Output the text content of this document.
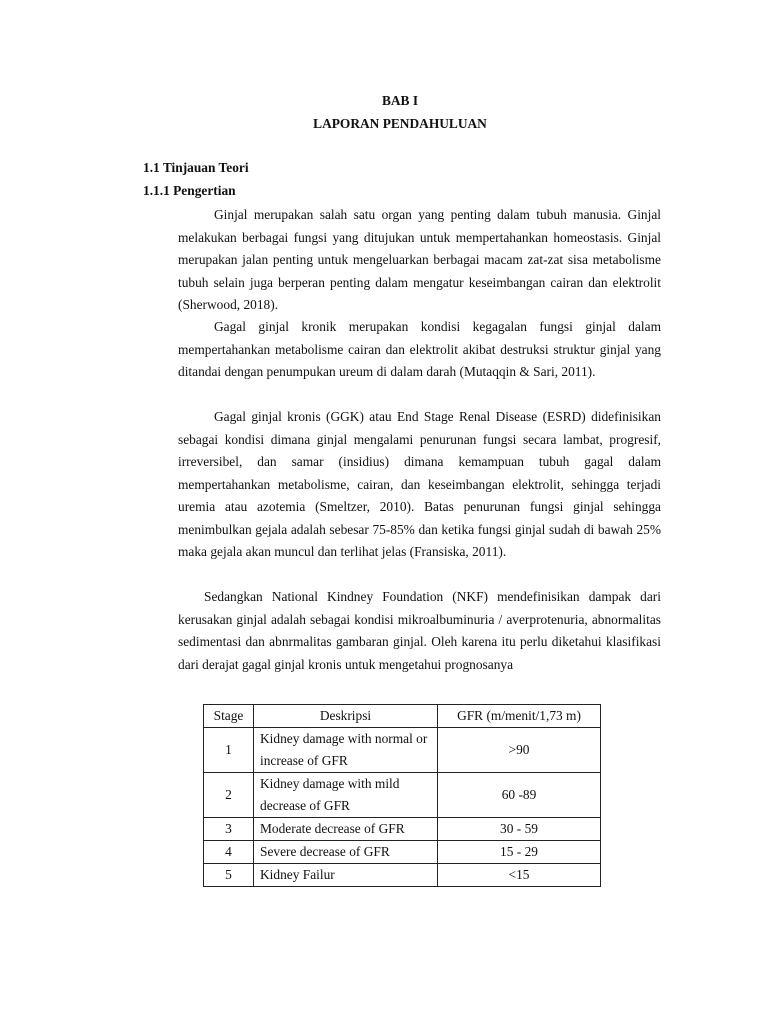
BAB I
LAPORAN PENDAHULUAN
1.1 Tinjauan Teori
1.1.1 Pengertian

Ginjal merupakan salah satu organ yang penting dalam tubuh manusia. Ginjal melakukan berbagai fungsi yang ditujukan untuk mempertahankan homeostasis. Ginjal merupakan jalan penting untuk mengeluarkan berbagai macam zat-zat sisa metabolisme tubuh selain juga berperan penting dalam mengatur keseimbangan cairan dan elektrolit (Sherwood, 2018).

Gagal ginjal kronik merupakan kondisi kegagalan fungsi ginjal dalam mempertahankan metabolisme cairan dan elektrolit akibat destruksi struktur ginjal yang ditandai dengan penumpukan ureum di dalam darah (Mutaqqin & Sari, 2011).

Gagal ginjal kronis (GGK) atau End Stage Renal Disease (ESRD) didefinisikan sebagai kondisi dimana ginjal mengalami penurunan fungsi secara lambat, progresif, irreversibel, dan samar (insidius) dimana kemampuan tubuh gagal dalam mempertahankan metabolisme, cairan, dan keseimbangan elektrolit, sehingga terjadi uremia atau azotemia (Smeltzer, 2010). Batas penurunan fungsi ginjal sehingga menimbulkan gejala adalah sebesar 75-85% dan ketika fungsi ginjal sudah di bawah 25% maka gejala akan muncul dan terlihat jelas (Fransiska, 2011).

Sedangkan National Kindney Foundation (NKF) mendefinisikan dampak dari kerusakan ginjal adalah sebagai kondisi mikroalbuminuria / averprotenuria, abnormalitas sedimentasi dan abnrmalitas gambaran ginjal. Oleh karena itu perlu diketahui klasifikasi dari derajat gagal ginjal kronis untuk mengetahui prognosanya

Stage	Deskripsi	GFR (m/menit/1,73 m)
1	Kidney damage with normal or increase of GFR	>90
2	Kidney damage with mild decrease of GFR	60 -89
3	Moderate decrease of GFR	30 - 59
4	Severe decrease of GFR	15 - 29
5	Kidney Failur	<15
